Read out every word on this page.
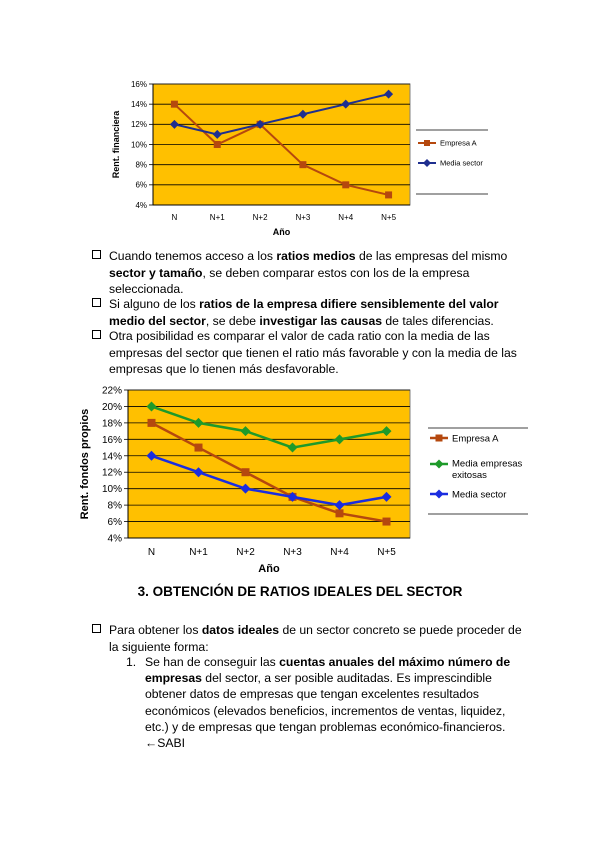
4%
6%
8%
10%
12%
14%
16%
N	N+1	N+2	N+3	N+4	N+5
Año
Rent. financiera	Empresa A
Media sector
Cuando tenemos acceso a los ratios medios de las empresas del mismo sector y tamaño, se deben comparar estos con los de la empresa seleccionada.
Si alguno de los ratios de la empresa difiere sensiblemente del valor medio del sector, se debe investigar las causas de tales diferencias.
Otra posibilidad es comparar el valor de cada ratio con la media de las empresas del sector que tienen el ratio más favorable y con la media de las empresas que lo tienen más desfavorable.
4%
6%
8%
10%
12%
14%
16%
18%
20%
22%
N	N+1	N+2	N+3	N+4	N+5
Año
Rent. fondos propios	Empresa A
Media empresas
exitosas
Media sector
3. OBTENCIÓN DE RATIOS IDEALES DEL SECTOR
Para obtener los datos ideales de un sector concreto se puede proceder de la siguiente forma:
1. Se han de conseguir las cuentas anuales del máximo número de empresas del sector, a ser posible auditadas. Es imprescindible obtener datos de empresas que tengan excelentes resultados económicos (elevados beneficios, incrementos de ventas, liquidez, etc.) y de empresas que tengan problemas económico-financieros.
←SABI
